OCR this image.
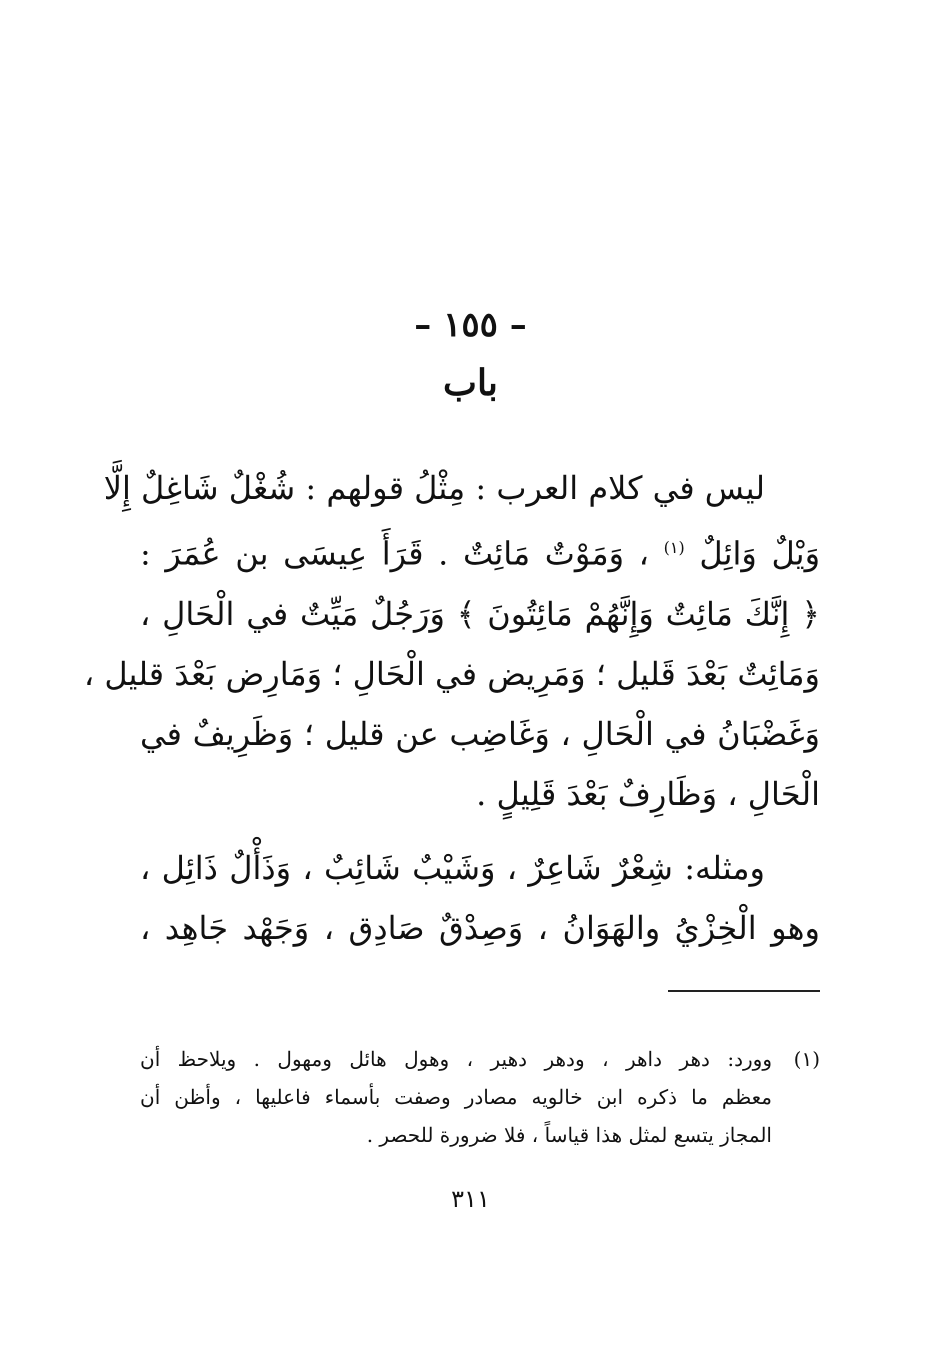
– ١٥٥ –
باب
ليس في كلام العرب : مِثْلُ قولهم : شُغْلٌ شَاغِلٌ إِلَّا
وَيْلٌ وَائِلٌ $^{(١)}$ ، وَمَوْتٌ مَائِتٌ . قَرَأَ عِيسَى بن عُمَرَ :
﴿ إِنَّكَ مَائِتٌ وَإِنَّهُمْ مَائِتُونَ ﴾ وَرَجُلٌ مَيِّتٌ في الْحَالِ ،
وَمَائِتٌ بَعْدَ قَليل ؛ وَمَرِيض في الْحَالِ ؛ وَمَارِض بَعْدَ قليل ،
وَغَضْبَانُ في الْحَالِ ، وَغَاضِب عن قليل ؛ وَظَرِيفٌ في
الْحَالِ ، وَظَارِفٌ بَعْدَ قَلِيلٍ .
ومثله: شِعْرٌ شَاعِرٌ ، وَشَيْبٌ شَائِبٌ ، وَذَأْلٌ ذَائِل ،
وهو الْخِزْيُ والهَوَانُ ، وَصِدْقٌ صَادِق ، وَجَهْد جَاهِد ،
(١)
وورد: دهر داهر ، ودهر دهير ، وهول هائل ومهول . ويلاحظ أن
معظم ما ذكره ابن خالويه مصادر وصفت بأسماء فاعليها ، وأظن أن
المجاز يتسع لمثل هذا قياساً ، فلا ضرورة للحصر .
٣١١
